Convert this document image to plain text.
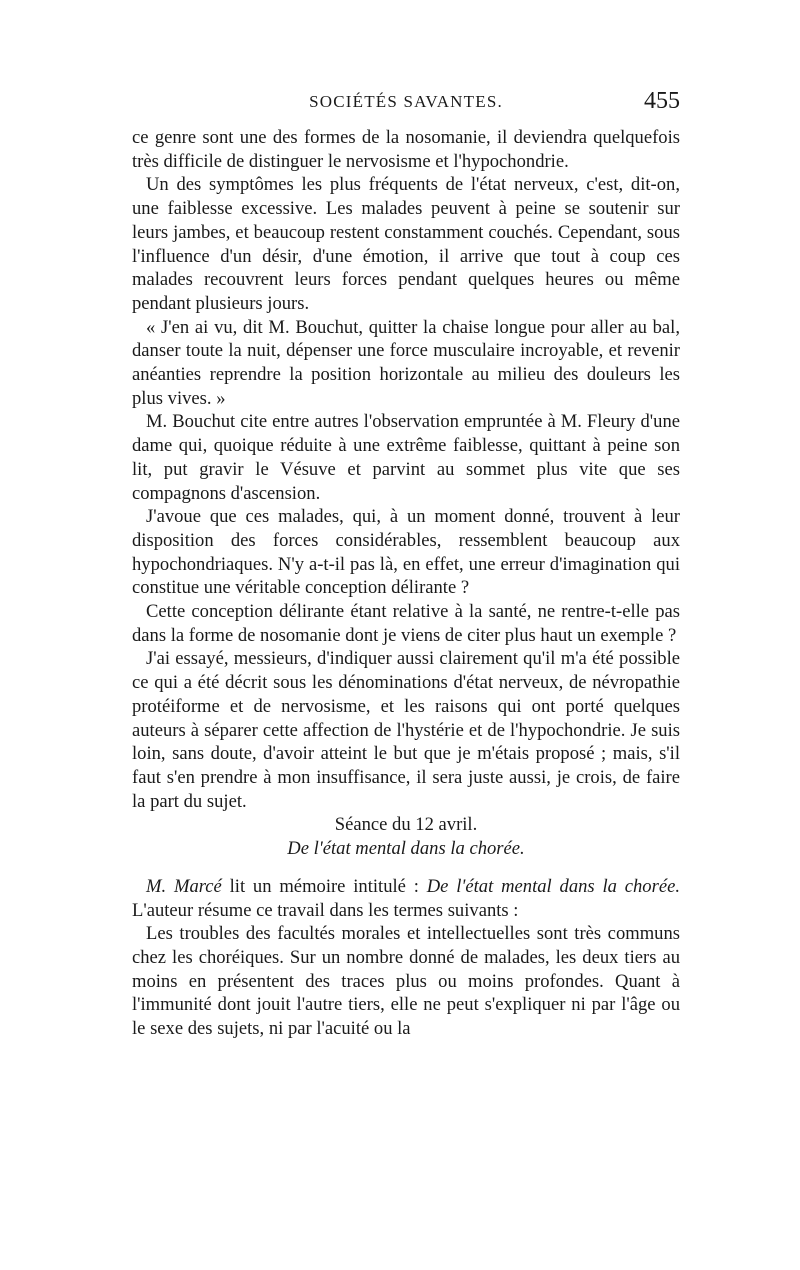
SOCIÉTÉS SAVANTES.	455

ce genre sont une des formes de la nosomanie, il deviendra quelquefois très difficile de distinguer le nervosisme et l'hypochondrie.

Un des symptômes les plus fréquents de l'état nerveux, c'est, dit-on, une faiblesse excessive. Les malades peuvent à peine se soutenir sur leurs jambes, et beaucoup restent constamment couchés. Cependant, sous l'influence d'un désir, d'une émotion, il arrive que tout à coup ces malades recouvrent leurs forces pendant quelques heures ou même pendant plusieurs jours.

« J'en ai vu, dit M. Bouchut, quitter la chaise longue pour aller au bal, danser toute la nuit, dépenser une force musculaire incroyable, et revenir anéanties reprendre la position horizontale au milieu des douleurs les plus vives. »

M. Bouchut cite entre autres l'observation empruntée à M. Fleury d'une dame qui, quoique réduite à une extrême faiblesse, quittant à peine son lit, put gravir le Vésuve et parvint au sommet plus vite que ses compagnons d'ascension.

J'avoue que ces malades, qui, à un moment donné, trouvent à leur disposition des forces considérables, ressemblent beaucoup aux hypochondriaques. N'y a-t-il pas là, en effet, une erreur d'imagination qui constitue une véritable conception délirante ?

Cette conception délirante étant relative à la santé, ne rentre-t-elle pas dans la forme de nosomanie dont je viens de citer plus haut un exemple ?

J'ai essayé, messieurs, d'indiquer aussi clairement qu'il m'a été possible ce qui a été décrit sous les dénominations d'état nerveux, de névropathie protéiforme et de nervosisme, et les raisons qui ont porté quelques auteurs à séparer cette affection de l'hystérie et de l'hypochondrie. Je suis loin, sans doute, d'avoir atteint le but que je m'étais proposé ; mais, s'il faut s'en prendre à mon insuffisance, il sera juste aussi, je crois, de faire la part du sujet.

Séance du 12 avril.

De l'état mental dans la chorée.

M. Marcé lit un mémoire intitulé : De l'état mental dans la chorée. L'auteur résume ce travail dans les termes suivants :

Les troubles des facultés morales et intellectuelles sont très communs chez les choréiques. Sur un nombre donné de malades, les deux tiers au moins en présentent des traces plus ou moins profondes. Quant à l'immunité dont jouit l'autre tiers, elle ne peut s'expliquer ni par l'âge ou le sexe des sujets, ni par l'acuité ou la
